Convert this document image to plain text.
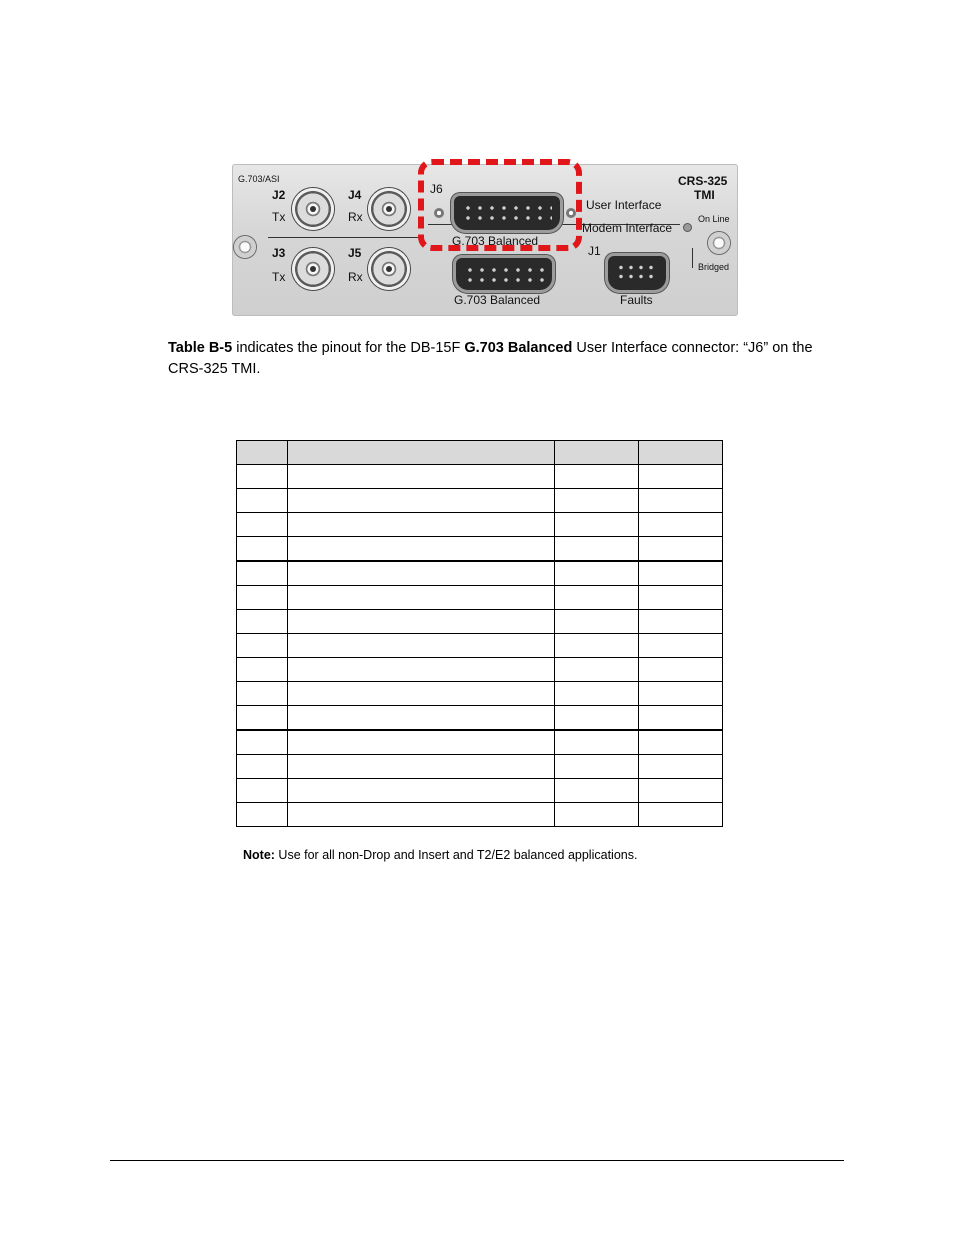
G.703/ASI
J2
Tx
J4
Rx
J3
Tx
J5
Rx
J6
G.703 Balanced
User Interface
Modem Interface
J1
G.703 Balanced	Faults
CRS-325
TMI
On Line
Bridged
Table B-5 indicates the pinout for the DB-15F G.703 Balanced User Interface connector: “J6” on the CRS-325 TMI.

Note: Use for all non-Drop and Insert and T2/E2 balanced applications.
